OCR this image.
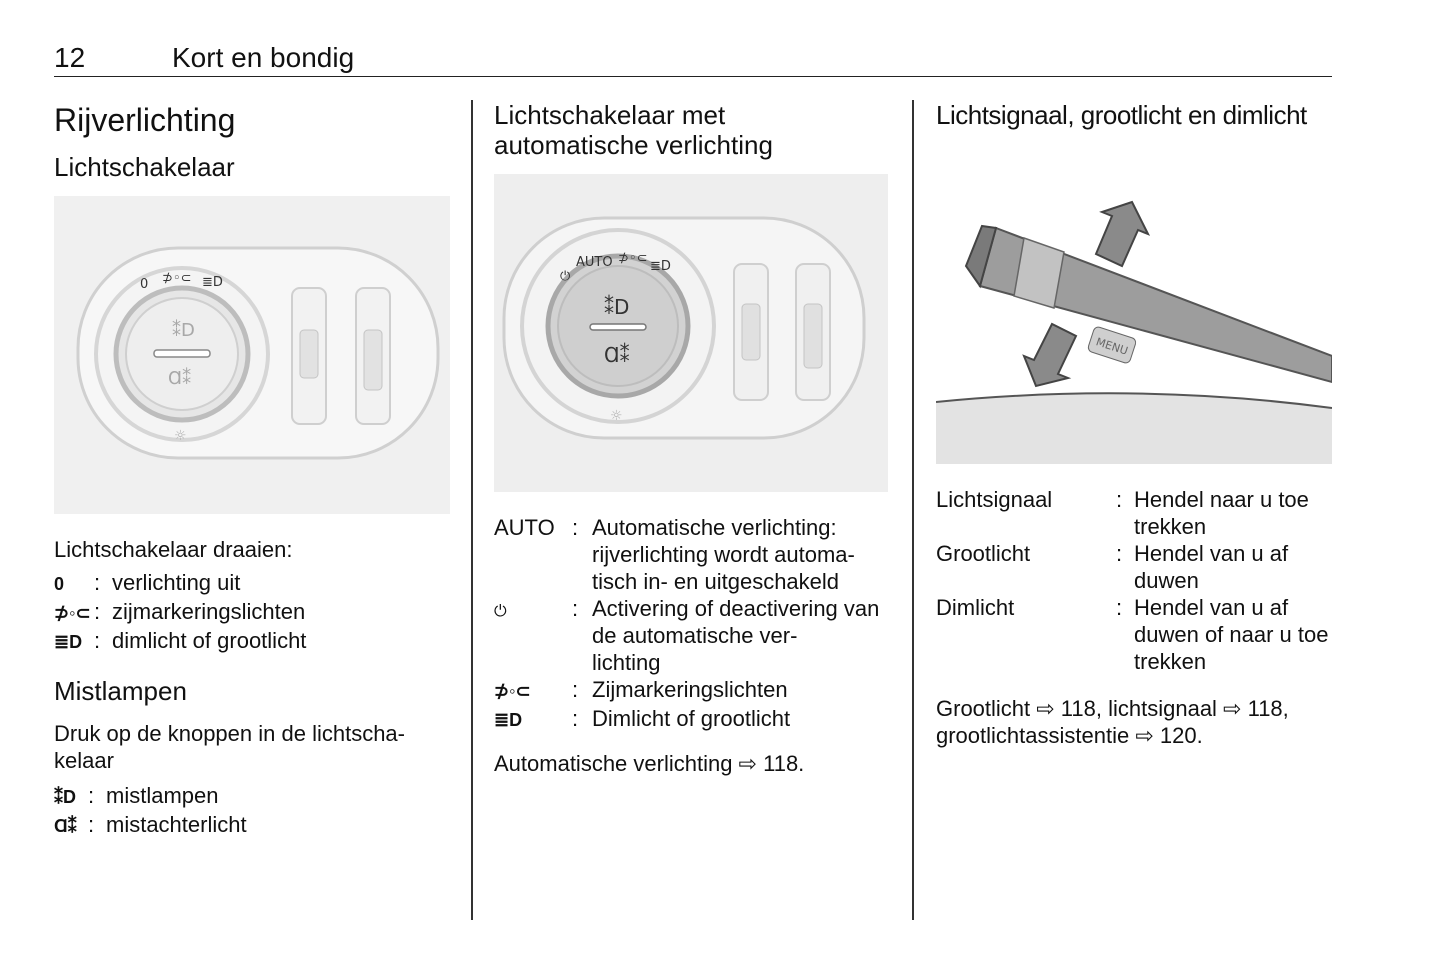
12	Kort en bondig
Rijverlichting
Lichtschakelaar
⁑D
Ɑ⁑
0 ⊅◦⊂ ≣D
☼
Lichtschakelaar draaien:
0	:	verlichting uit
⊅◦⊂	:	zijmarkeringslichten
≣D	:	dimlicht of grootlicht
Mistlampen
Druk op de knoppen in de lichtscha-
kelaar
⁑D	:	mistlampen
Ɑ⁑	:	mistachterlicht
Lichtschakelaar met
automatische verlichting
⁑D
Ɑ⁑
⏻
AUTO ⊅◦⊂
≣D
☼
AUTO	:	Automatische verlichting: rijverlichting wordt automa-
tisch in- en uitgeschakeld
⏻	:	Activering of deactivering van de automatische ver-
lichting
⊅◦⊂	:	Zijmarkeringslichten
≣D	:	Dimlicht of grootlicht
Automatische verlichting ⇨ 118.
Lichtsignaal, grootlicht en dimlicht
MENU
Lichtsignaal	:	Hendel naar u toe trekken
Grootlicht	:	Hendel van u af duwen
Dimlicht	:	Hendel van u af duwen of naar u toe trekken
Grootlicht ⇨ 118, lichtsignaal ⇨ 118,
grootlichtassistentie ⇨ 120.
